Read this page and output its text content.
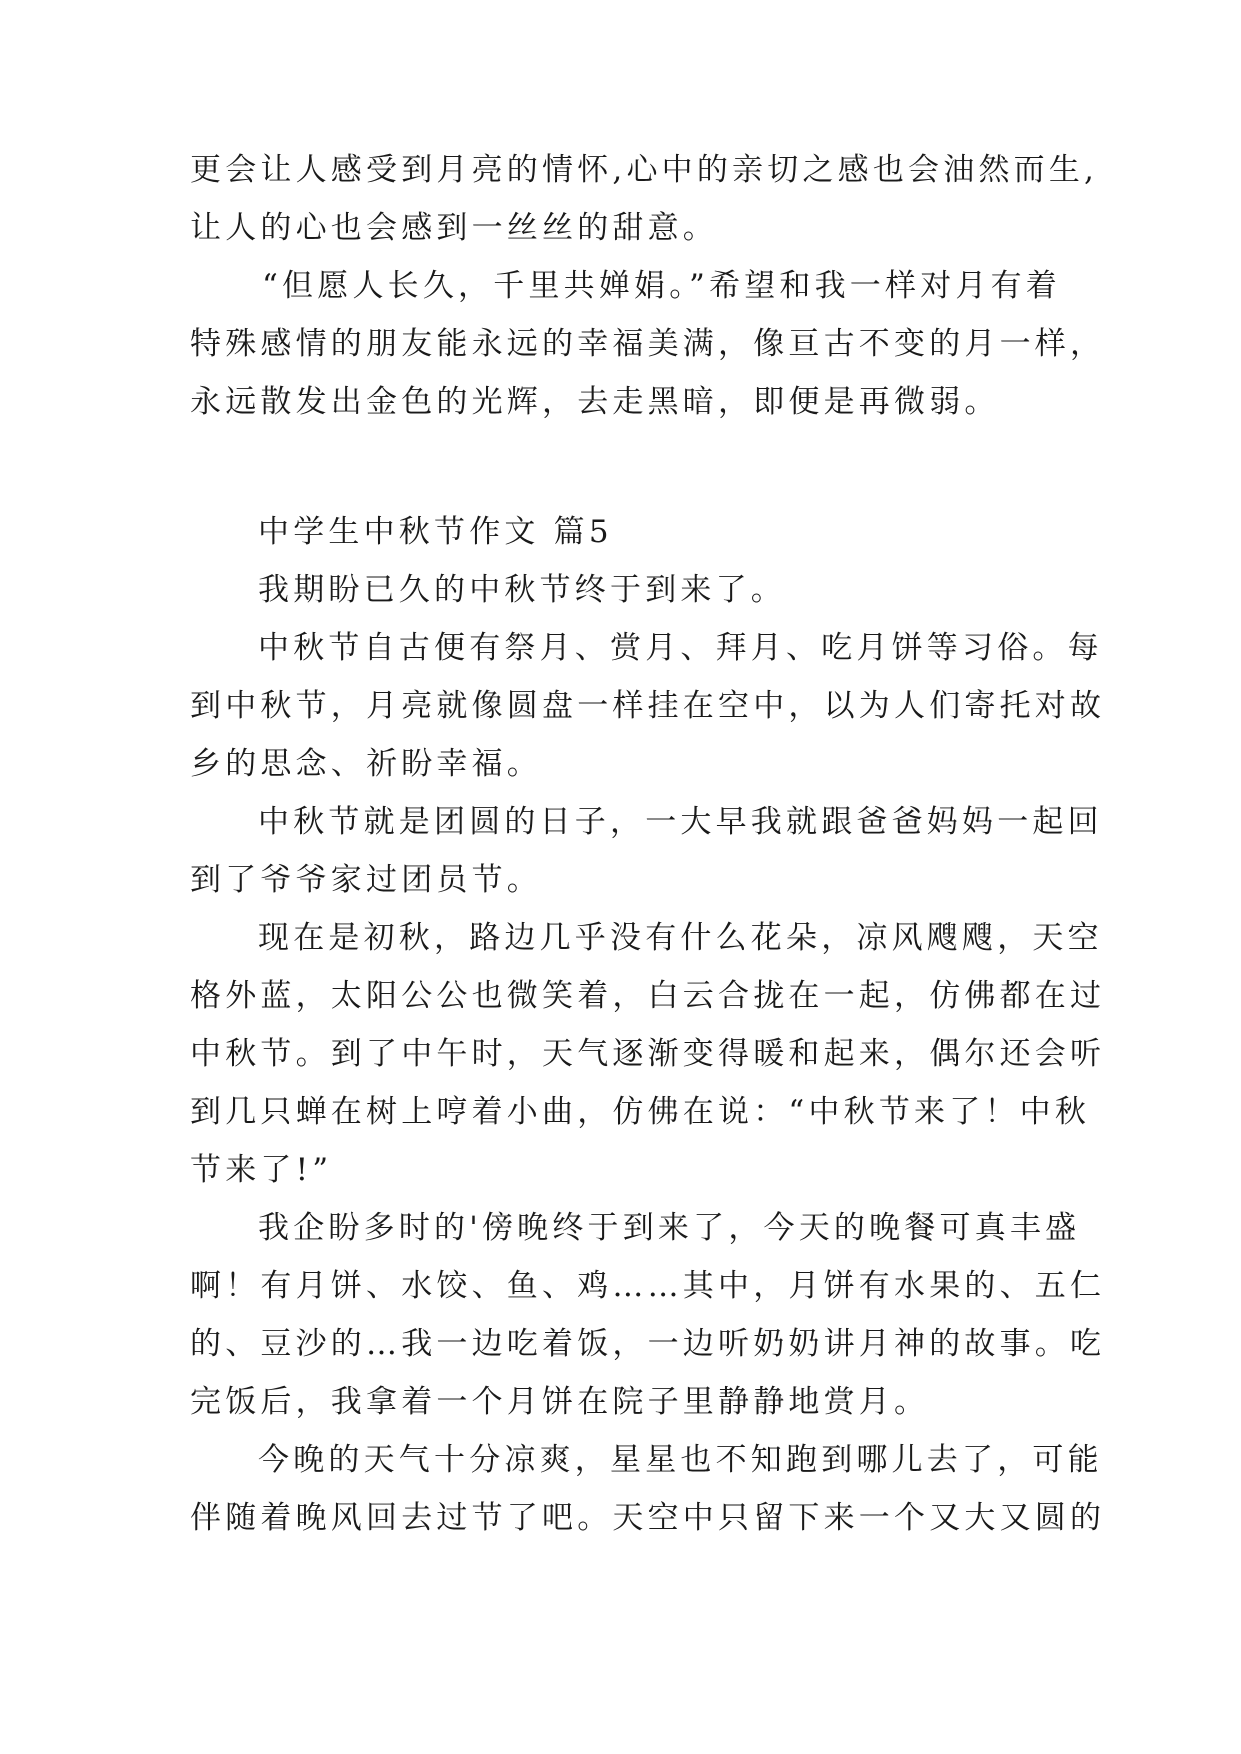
更会让人感受到月亮的情怀,心中的亲切之感也会油然而生,
让人的心也会感到一丝丝的甜意。
“但愿人长久，千里共婵娟。”希望和我一样对月有着
特殊感情的朋友能永远的幸福美满，像亘古不变的月一样，
永远散发出金色的光辉，去走黑暗，即便是再微弱。
中学生中秋节作文 篇5
我期盼已久的中秋节终于到来了。
中秋节自古便有祭月、赏月、拜月、吃月饼等习俗。每
到中秋节，月亮就像圆盘一样挂在空中，以为人们寄托对故
乡的思念、祈盼幸福。
中秋节就是团圆的日子，一大早我就跟爸爸妈妈一起回
到了爷爷家过团员节。
现在是初秋，路边几乎没有什么花朵，凉风飕飕，天空
格外蓝，太阳公公也微笑着，白云合拢在一起，仿佛都在过
中秋节。到了中午时，天气逐渐变得暖和起来，偶尔还会听
到几只蝉在树上哼着小曲，仿佛在说：“中秋节来了！中秋
节来了!”
我企盼多时的'傍晚终于到来了，今天的晚餐可真丰盛
啊！有月饼、水饺、鱼、鸡……其中，月饼有水果的、五仁
的、豆沙的…我一边吃着饭，一边听奶奶讲月神的故事。吃
完饭后，我拿着一个月饼在院子里静静地赏月。
今晚的天气十分凉爽，星星也不知跑到哪儿去了，可能
伴随着晚风回去过节了吧。天空中只留下来一个又大又圆的
